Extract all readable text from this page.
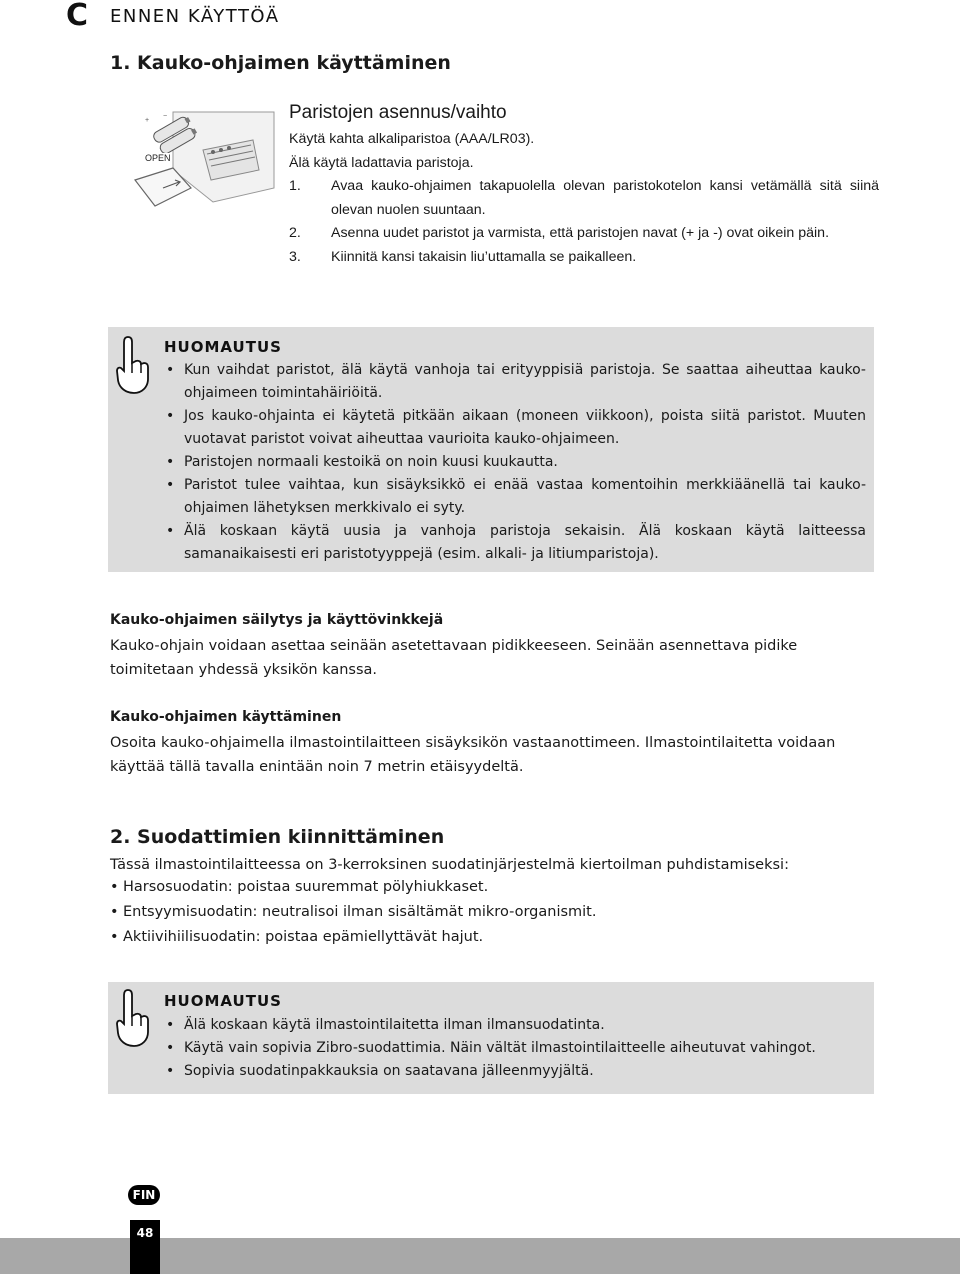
C ENNEN KÄYTTÖÄ
1. Kauko-ohjaimen käyttäminen
+
−
OPEN
Paristojen asennus/vaihto
Käytä kahta alkaliparistoa (AAA/LR03).
Älä käytä ladattavia paristoja.
1. Avaa kauko-ohjaimen takapuolella olevan paristokotelon kansi vetämällä sitä siinä olevan nuolen suuntaan.
2. Asenna uudet paristot ja varmista, että paristojen navat (+ ja -) ovat oikein päin.
3. Kiinnitä kansi takaisin liu’uttamalla se paikalleen.
HUOMAUTUS
• Kun vaihdat paristot, älä käytä vanhoja tai erityyppisiä paristoja. Se saattaa aiheuttaa kauko-ohjaimeen toimintahäiriöitä.
• Jos kauko-ohjainta ei käytetä pitkään aikaan (moneen viikkoon), poista siitä paristot. Muuten vuotavat paristot voivat aiheuttaa vaurioita kauko-ohjaimeen.
• Paristojen normaali kestoikä on noin kuusi kuukautta.
• Paristot tulee vaihtaa, kun sisäyksikkö ei enää vastaa komentoihin merkkiäänellä tai kauko-ohjaimen lähetyksen merkkivalo ei syty.
• Älä koskaan käytä uusia ja vanhoja paristoja sekaisin. Älä koskaan käytä laitteessa samanaikaisesti eri paristotyyppejä (esim. alkali- ja litiumparistoja).
Kauko-ohjaimen säilytys ja käyttövinkkejä
Kauko-ohjain voidaan asettaa seinään asetettavaan pidikkeeseen. Seinään asennettava pidike toimitetaan yhdessä yksikön kanssa.
Kauko-ohjaimen käyttäminen
Osoita kauko-ohjaimella ilmastointilaitteen sisäyksikön vastaanottimeen. Ilmastointilaitetta voidaan käyttää tällä tavalla enintään noin 7 metrin etäisyydeltä.
2. Suodattimien kiinnittäminen
Tässä ilmastointilaitteessa on 3-kerroksinen suodatinjärjestelmä kiertoilman puhdistamiseksi:
• Harsosuodatin: poistaa suuremmat pölyhiukkaset.
• Entsyymisuodatin: neutralisoi ilman sisältämät mikro-organismit.
• Aktiivihiilisuodatin: poistaa epämiellyttävät hajut.
HUOMAUTUS
• Älä koskaan käytä ilmastointilaitetta ilman ilmansuodatinta.
• Käytä vain sopivia Zibro-suodattimia. Näin vältät ilmastointilaitteelle aiheutuvat vahingot.
• Sopivia suodatinpakkauksia on saatavana jälleenmyyjältä.
FIN
48
